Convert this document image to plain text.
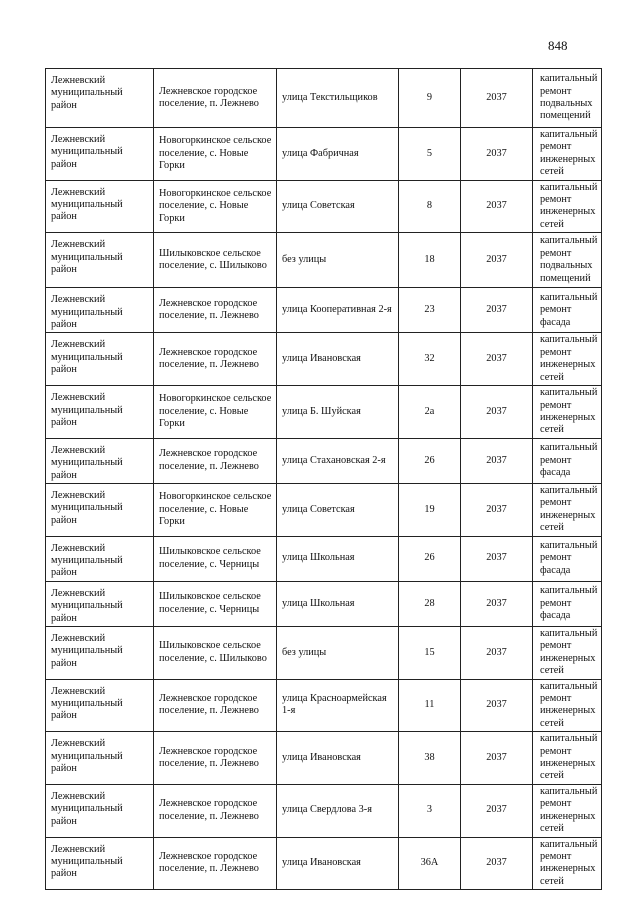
848
Лежневский муниципальный район	Лежневское городское поселение, п. Лежнево	улица Текстильщиков	9	2037	капитальный ремонт подвальных помещений
Лежневский муниципальный район	Новогоркинское сельское поселение, с. Новые Горки	улица Фабричная	5	2037	капитальный ремонт инженерных сетей
Лежневский муниципальный район	Новогоркинское сельское поселение, с. Новые Горки	улица Советская	8	2037	капитальный ремонт инженерных сетей
Лежневский муниципальный район	Шилыковское сельское поселение, с. Шилыково	без улицы	18	2037	капитальный ремонт подвальных помещений
Лежневский муниципальный район	Лежневское городское поселение, п. Лежнево	улица Кооперативная 2-я	23	2037	капитальный ремонт фасада
Лежневский муниципальный район	Лежневское городское поселение, п. Лежнево	улица Ивановская	32	2037	капитальный ремонт инженерных сетей
Лежневский муниципальный район	Новогоркинское сельское поселение, с. Новые Горки	улица Б. Шуйская	2а	2037	капитальный ремонт инженерных сетей
Лежневский муниципальный район	Лежневское городское поселение, п. Лежнево	улица Стахановская 2-я	26	2037	капитальный ремонт фасада
Лежневский муниципальный район	Новогоркинское сельское поселение, с. Новые Горки	улица Советская	19	2037	капитальный ремонт инженерных сетей
Лежневский муниципальный район	Шилыковское сельское поселение, с. Черницы	улица Школьная	26	2037	капитальный ремонт фасада
Лежневский муниципальный район	Шилыковское сельское поселение, с. Черницы	улица Школьная	28	2037	капитальный ремонт фасада
Лежневский муниципальный район	Шилыковское сельское поселение, с. Шилыково	без улицы	15	2037	капитальный ремонт инженерных сетей
Лежневский муниципальный район	Лежневское городское поселение, п. Лежнево	улица Красноармейская 1-я	11	2037	капитальный ремонт инженерных сетей
Лежневский муниципальный район	Лежневское городское поселение, п. Лежнево	улица Ивановская	38	2037	капитальный ремонт инженерных сетей
Лежневский муниципальный район	Лежневское городское поселение, п. Лежнево	улица Свердлова 3-я	3	2037	капитальный ремонт инженерных сетей
Лежневский муниципальный район	Лежневское городское поселение, п. Лежнево	улица Ивановская	36А	2037	капитальный ремонт инженерных сетей
